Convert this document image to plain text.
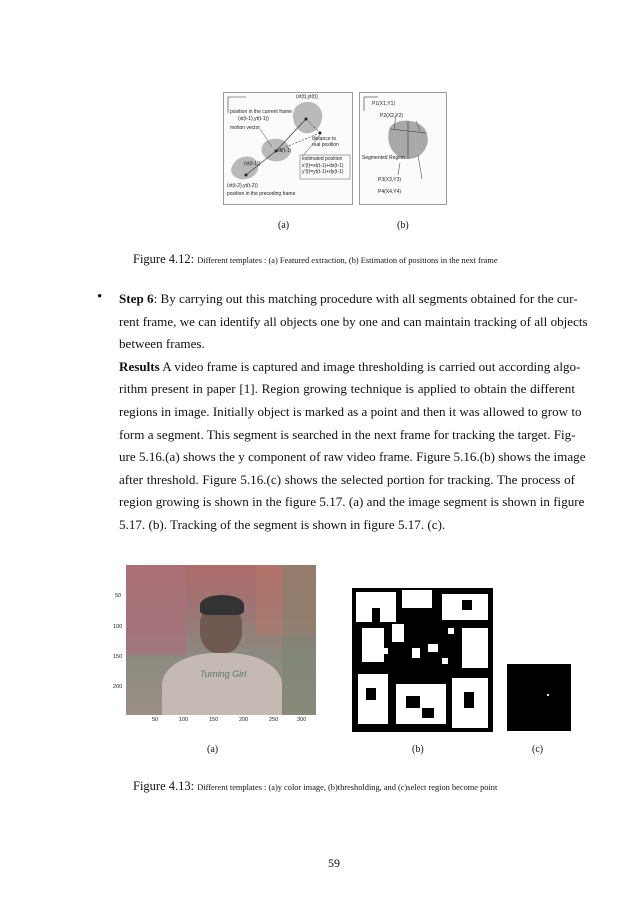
(xt(t),yt(t))
position in the current frame
(xt(t-1),yt(t-1))
motion vector
distance to
real position
dt(t-1)
(xt(t-1))
estimated position
x'(t)=xt(t-1)+dx(t-1)
y'(t)=yt(t-1)+dy(t-1)
(xt(t-2),yt(t-2))
position in the preceding frame
P1(X1,Y1)
P2(X2,Y2)
Segmented Region
P3(X3,Y3)
P4(X4,Y4)
(a)	(b)
Figure 4.12: Different templates : (a) Featured extraction, (b) Estimation of positions in the next frame
• Step 6: By carrying out this matching procedure with all segments obtained for the cur-
rent frame, we can identify all objects one by one and can maintain tracking of all objects
between frames.
Results A video frame is captured and image thresholding is carried out according algo-
rithm present in paper [1]. Region growing technique is applied to obtain the different
regions in image. Initially object is marked as a point and then it was allowed to grow to
form a segment. This segment is searched in the next frame for tracking the target. Fig-
ure 5.16.(a) shows the y component of raw video frame. Figure 5.16.(b) shows the image
after threshold. Figure 5.16.(c) shows the selected portion for tracking. The process of
region growing is shown in the figure 5.17. (a) and the image segment is shown in figure
5.17. (b). Tracking of the segment is shown in figure 5.17. (c).
Turning Girl
50
100
150
200
50	100	150	200	250	300
(a)	(b)	(c)
Figure 4.13: Different templates : (a)y color image, (b)thresholding, and (c)select region become point
59
